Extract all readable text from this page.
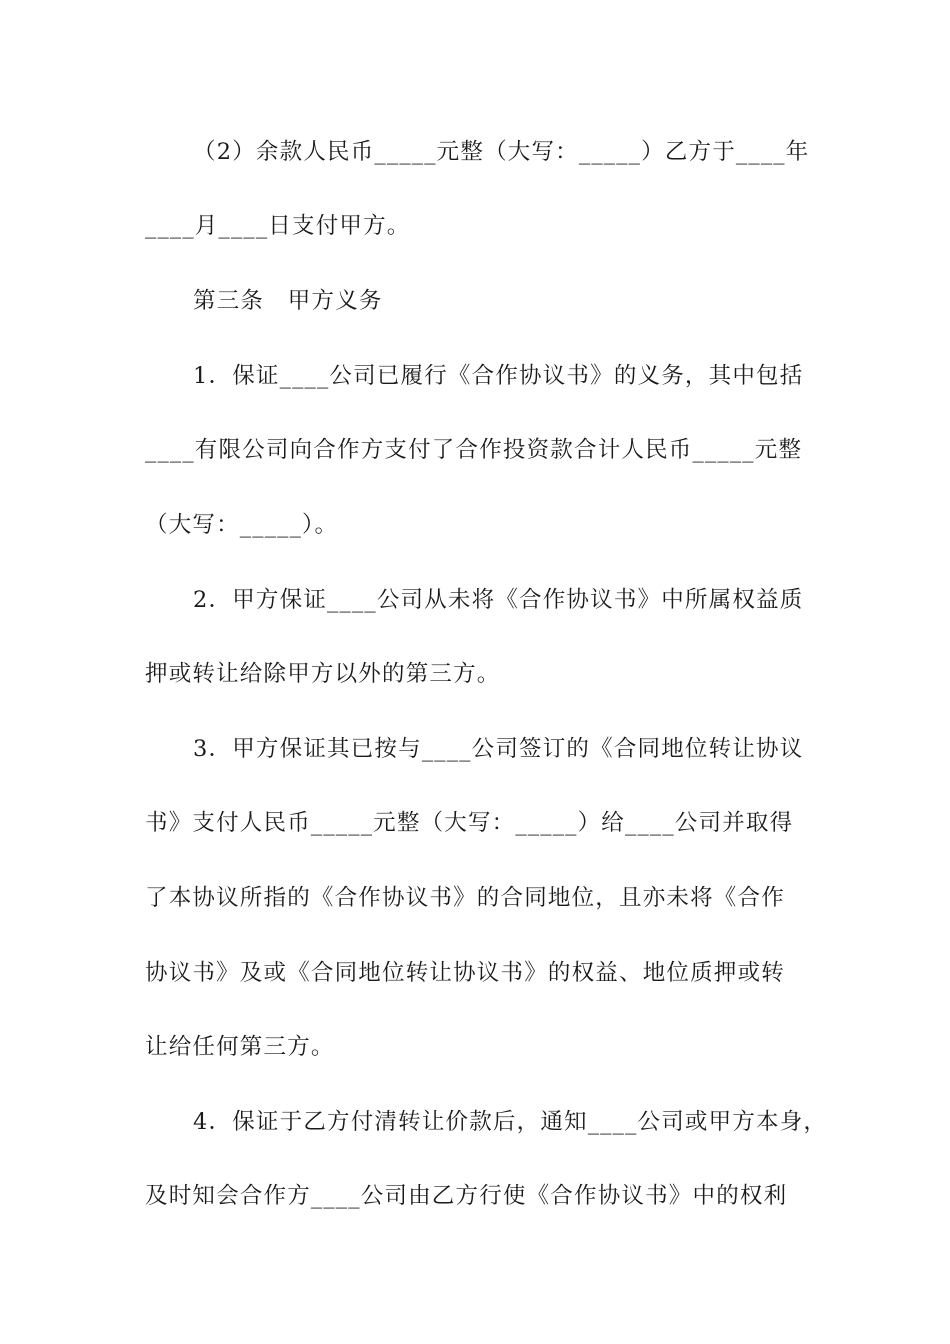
（2）余款人民币_____元整（大写：_____）乙方于____年
____月____日支付甲方。
第三条　甲方义务
1．保证____公司已履行《合作协议书》的义务，其中包括
____有限公司向合作方支付了合作投资款合计人民币_____元整
（大写：_____）。
2．甲方保证____公司从未将《合作协议书》中所属权益质
押或转让给除甲方以外的第三方。
3．甲方保证其已按与____公司签订的《合同地位转让协议
书》支付人民币_____元整（大写：_____）给____公司并取得
了本协议所指的《合作协议书》的合同地位，且亦未将《合作
协议书》及或《合同地位转让协议书》的权益、地位质押或转
让给任何第三方。
4．保证于乙方付清转让价款后，通知____公司或甲方本身，
及时知会合作方____公司由乙方行使《合作协议书》中的权利
